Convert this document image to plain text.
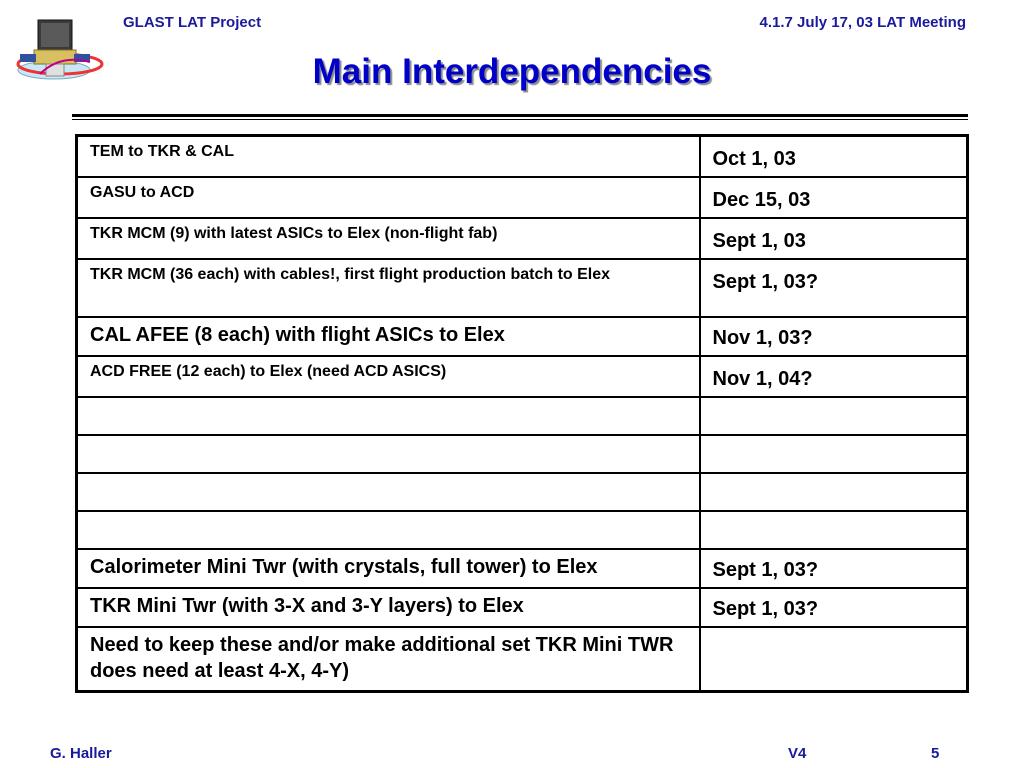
GLAST LAT Project	4.1.7 July 17, 03 LAT Meeting
Main Interdependencies
TEM to TKR & CAL	Oct 1, 03
GASU to ACD	Dec 15, 03
TKR MCM (9) with latest ASICs to Elex (non-flight fab)	Sept 1, 03
TKR MCM (36 each) with cables!, first flight production batch to Elex	Sept 1, 03?
CAL AFEE (8 each) with flight ASICs to Elex	Nov 1, 03?
ACD FREE (12 each) to Elex (need ACD ASICS)	Nov 1, 04?

Calorimeter Mini Twr (with crystals, full tower) to Elex	Sept 1, 03?
TKR Mini Twr (with 3-X and 3-Y layers) to Elex	Sept 1, 03?
Need to keep these and/or make additional set TKR Mini TWR does need at least 4-X, 4-Y)	
G. Haller	V4	5
